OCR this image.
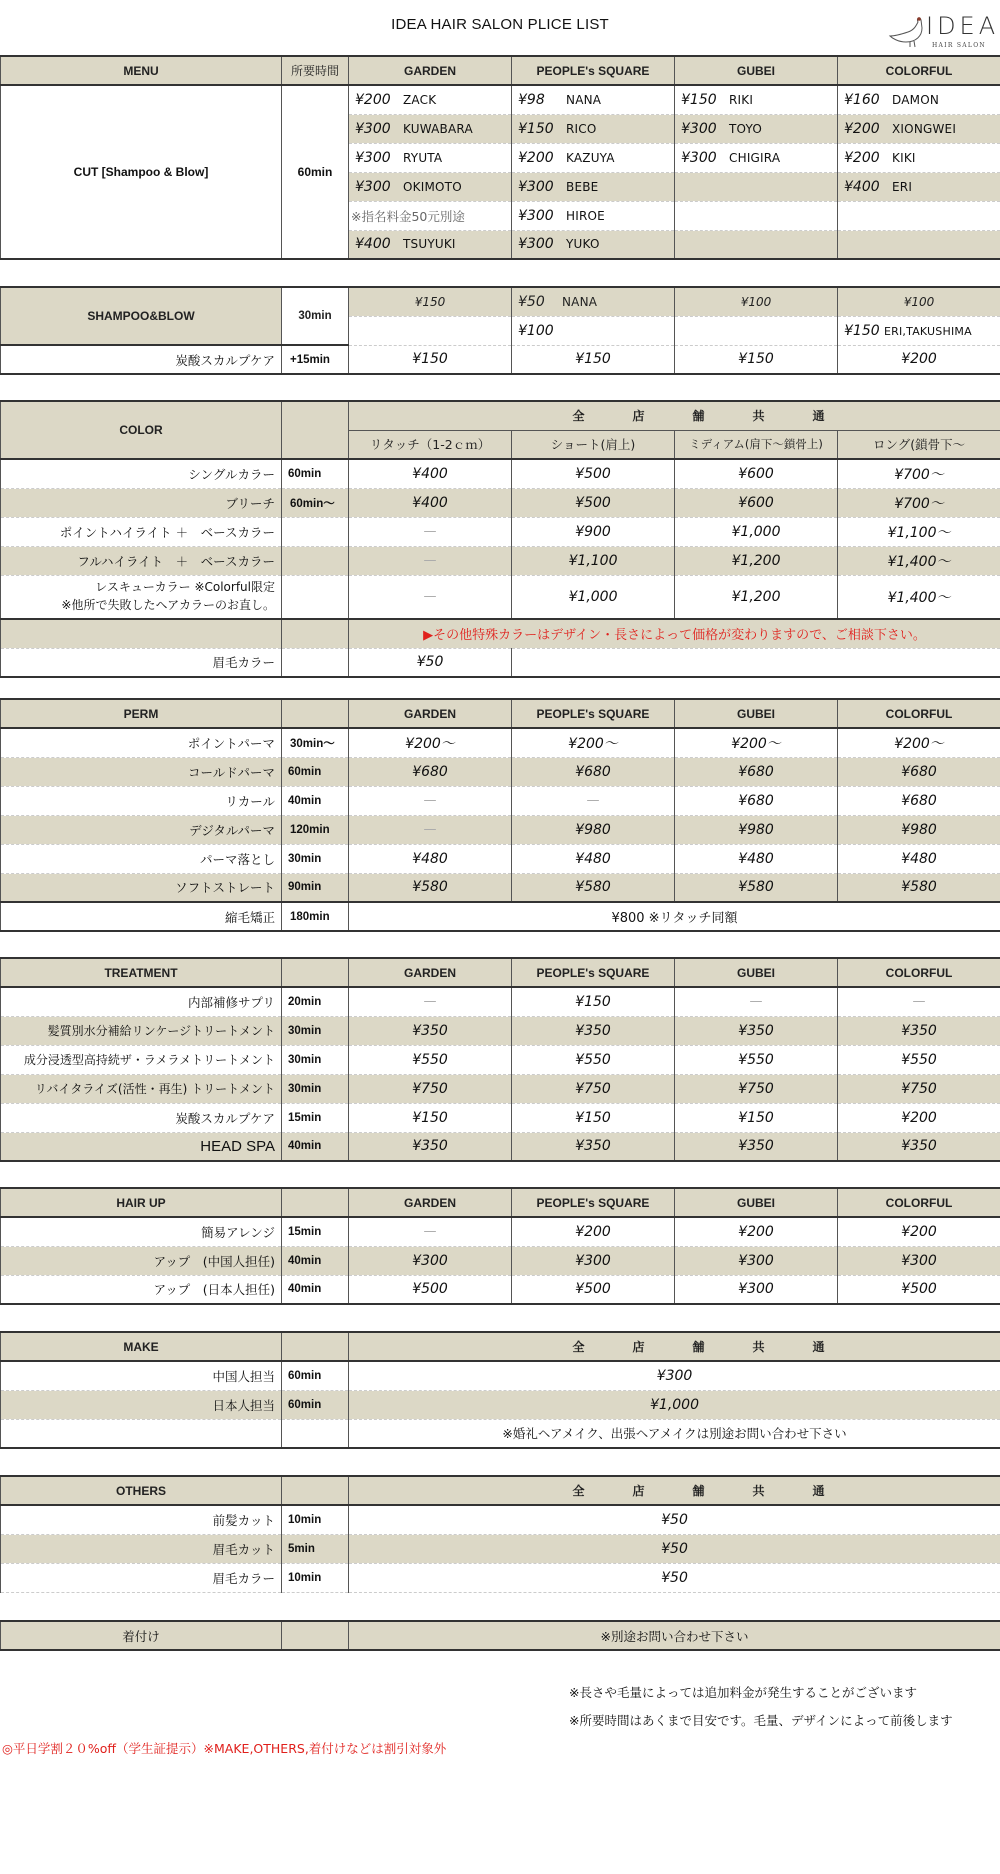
IDEA HAIR SALON PLICE LIST	IDEA
HAIR SALON
MENU	所要時間	GARDEN	PEOPLE's SQUARE	GUBEI	COLORFUL
CUT [Shampoo & Blow]	60min	¥200 ZACK	¥98 NANA	¥150 RIKI	¥160 DAMON
		¥300 KUWABARA	¥150 RICO	¥300 TOYO	¥200 XIONGWEI
		¥300 RYUTA	¥200 KAZUYA	¥300 CHIGIRA	¥200 KIKI
		¥300 OKIMOTO	¥300 BEBE		¥400 ERI
		※指名料金50元別途	¥300 HIROE		
		¥400 TSUYUKI	¥300 YUKO		
SHAMPOO&BLOW	30min	¥150	¥50 NANA	¥100	¥100
			¥100		¥150 ERI,TAKUSHIMA
炭酸スカルプケア	+15min	¥150	¥150	¥150	¥200
COLOR		全店舗共通			
		リタッチ（1-2ｃｍ）	ショート(肩上)	ミディアム(肩下～鎖骨上)	ロング(鎖骨下～
シングルカラー	60min	¥400	¥500	¥600	¥700～
ブリーチ	60min～	¥400	¥500	¥600	¥700～
ポイントハイライト ＋　ベースカラー		—	¥900	¥1,000	¥1,100～
フルハイライト　＋　ベースカラー		—	¥1,100	¥1,200	¥1,400～

レスキューカラー ※Colorful限定
※他所で失敗したヘアカラーのお直し。		—	¥1,000	¥1,200	¥1,400～
		▶その他特殊カラーはデザイン・長さによって価格が変わりますので、ご相談下さい。			
眉毛カラー		¥50			
PERM		GARDEN	PEOPLE's SQUARE	GUBEI	COLORFUL
ポイントパーマ	30min～	¥200～	¥200～	¥200～	¥200～
コールドパーマ	60min	¥680	¥680	¥680	¥680
リカール	40min	—	—	¥680	¥680
デジタルパーマ	120min	—	¥980	¥980	¥980
パーマ落とし	30min	¥480	¥480	¥480	¥480
ソフトストレート	90min	¥580	¥580	¥580	¥580
縮毛矯正	180min	¥800 ※リタッチ同額			
TREATMENT		GARDEN	PEOPLE's SQUARE	GUBEI	COLORFUL
内部補修サプリ	20min	—	¥150	—	—
髪質別水分補給リンケージトリートメント	30min	¥350	¥350	¥350	¥350
成分浸透型高持続ザ・ラメラメトリートメント	30min	¥550	¥550	¥550	¥550
リバイタライズ(活性・再生) トリートメント	30min	¥750	¥750	¥750	¥750
炭酸スカルプケア	15min	¥150	¥150	¥150	¥200
HEAD SPA	40min	¥350	¥350	¥350	¥350
HAIR UP		GARDEN	PEOPLE's SQUARE	GUBEI	COLORFUL
簡易アレンジ	15min	—	¥200	¥200	¥200
アップ　(中国人担任)	40min	¥300	¥300	¥300	¥300
アップ　(日本人担任)	40min	¥500	¥500	¥300	¥500
MAKE		全店舗共通
中国人担当	60min	¥300
日本人担当	60min	¥1,000
		※婚礼ヘアメイク、出張ヘアメイクは別途お問い合わせ下さい
OTHERS		全店舗共通
前髪カット	10min	¥50
眉毛カット	5min	¥50
眉毛カラー	10min	¥50

着付け		※別途お問い合わせ下さい
※長さや毛量によっては追加料金が発生することがございます
※所要時間はあくまで目安です。毛量、デザインによって前後します
◎平日学割２０%off（学生証提示）※MAKE,OTHERS,着付けなどは割引対象外
